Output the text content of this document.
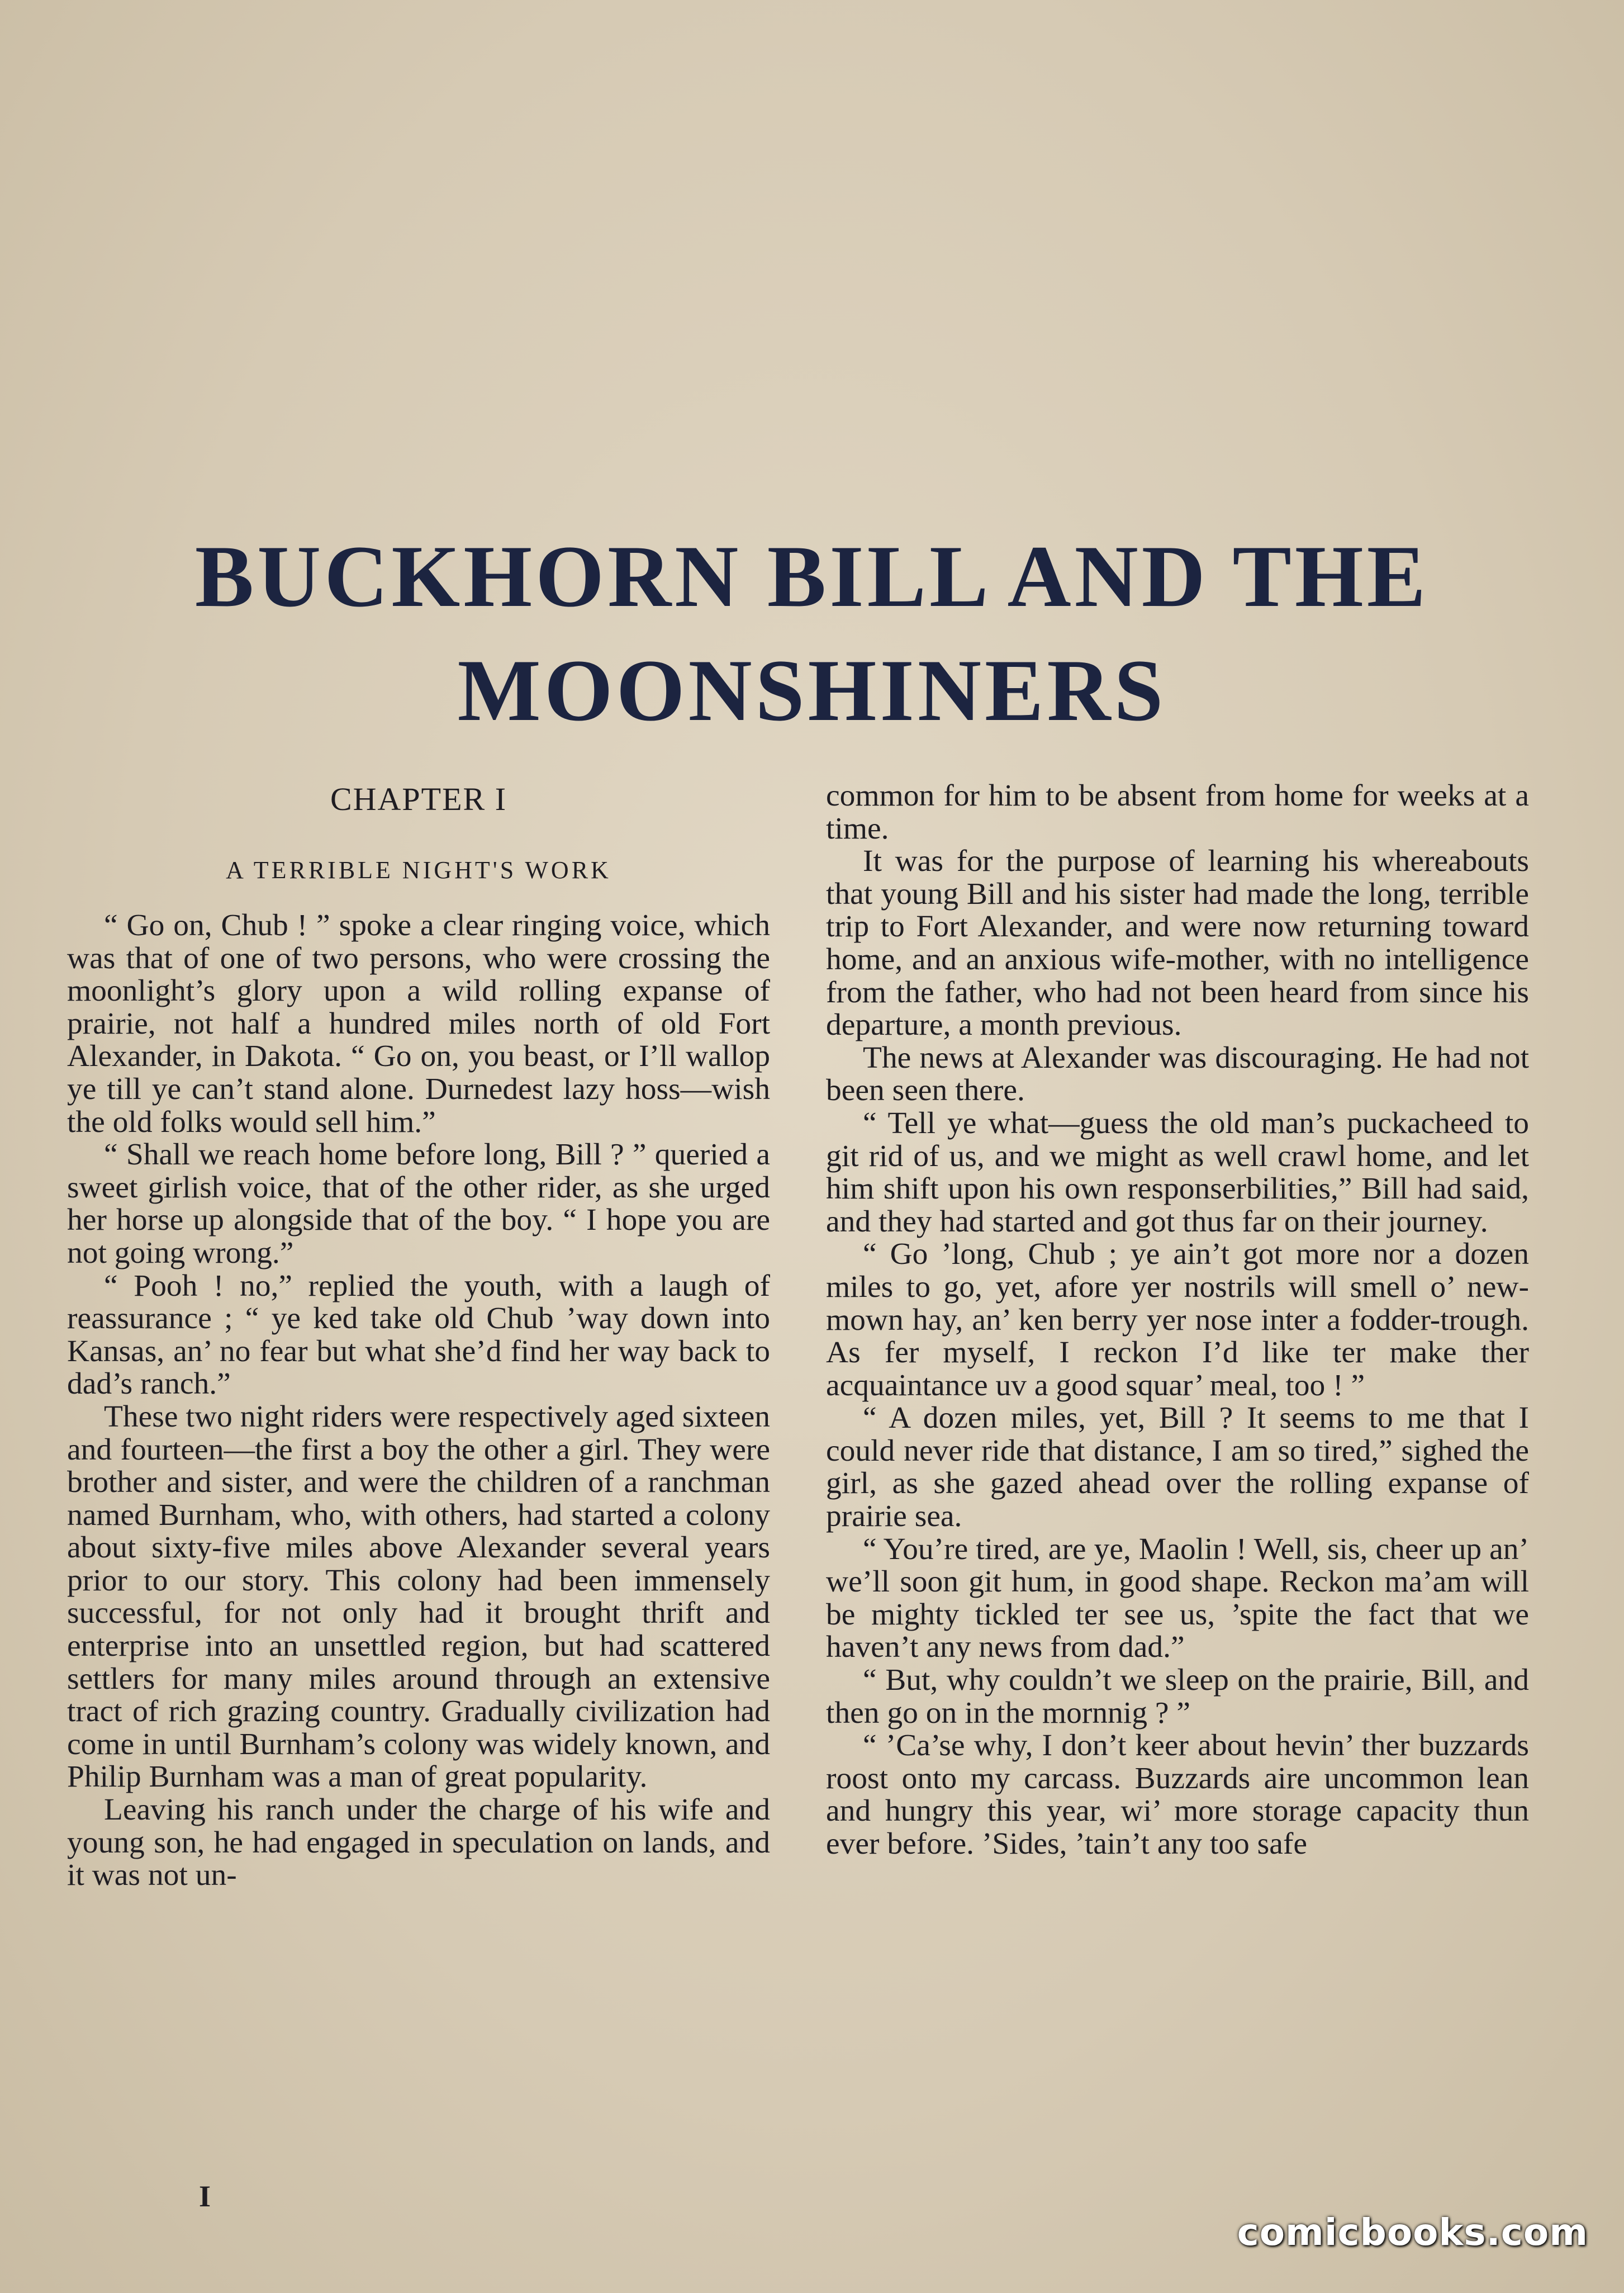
BUCKHORN BILL AND THE
MOONSHINERS
CHAPTER I
A TERRIBLE NIGHT'S WORK

“ Go on, Chub ! ” spoke a clear ringing voice, which was that of one of two persons, who were crossing the moonlight’s glory upon a wild rolling expanse of prairie, not half a hundred miles north of old Fort Alexander, in Dakota. “ Go on, you beast, or I’ll wallop ye till ye can’t stand alone. Durnedest lazy hoss—wish the old folks would sell him.”

“ Shall we reach home before long, Bill ? ” queried a sweet girlish voice, that of the other rider, as she urged her horse up alongside that of the boy. “ I hope you are not going wrong.”

“ Pooh ! no,” replied the youth, with a laugh of reassurance ; “ ye ked take old Chub ’way down into Kansas, an’ no fear but what she’d find her way back to dad’s ranch.”

These two night riders were respectively aged sixteen and fourteen—the first a boy the other a girl. They were brother and sister, and were the children of a ranchman named Burnham, who, with others, had started a colony about sixty-five miles above Alexander several years prior to our story. This colony had been immensely successful, for not only had it brought thrift and enterprise into an unsettled region, but had scattered settlers for many miles around through an extensive tract of rich grazing country. Gradually civilization had come in until Burnham’s colony was widely known, and Philip Burnham was a man of great popularity.

Leaving his ranch under the charge of his wife and young son, he had engaged in speculation on lands, and it was not un-

common for him to be absent from home for weeks at a time.

It was for the purpose of learning his whereabouts that young Bill and his sister had made the long, terrible trip to Fort Alexander, and were now returning toward home, and an anxious wife-mother, with no intelligence from the father, who had not been heard from since his departure, a month previous.

The news at Alexander was discouraging. He had not been seen there.

“ Tell ye what—guess the old man’s puckacheed to git rid of us, and we might as well crawl home, and let him shift upon his own responserbilities,” Bill had said, and they had started and got thus far on their journey.

“ Go ’long, Chub ; ye ain’t got more nor a dozen miles to go, yet, afore yer nostrils will smell o’ new-mown hay, an’ ken berry yer nose inter a fodder-trough. As fer myself, I reckon I’d like ter make ther acquaintance uv a good squar’ meal, too ! ”

“ A dozen miles, yet, Bill ? It seems to me that I could never ride that distance, I am so tired,” sighed the girl, as she gazed ahead over the rolling expanse of prairie sea.

“ You’re tired, are ye, Maolin ! Well, sis, cheer up an’ we’ll soon git hum, in good shape. Reckon ma’am will be mighty tickled ter see us, ’spite the fact that we haven’t any news from dad.”

“ But, why couldn’t we sleep on the prairie, Bill, and then go on in the mornnig ? ”

“ ’Ca’se why, I don’t keer about hevin’ ther buzzards roost onto my carcass. Buzzards aire uncommon lean and hungry this year, wi’ more storage capacity thun ever before. ’Sides, ’tain’t any too safe

I
comicbooks.com
